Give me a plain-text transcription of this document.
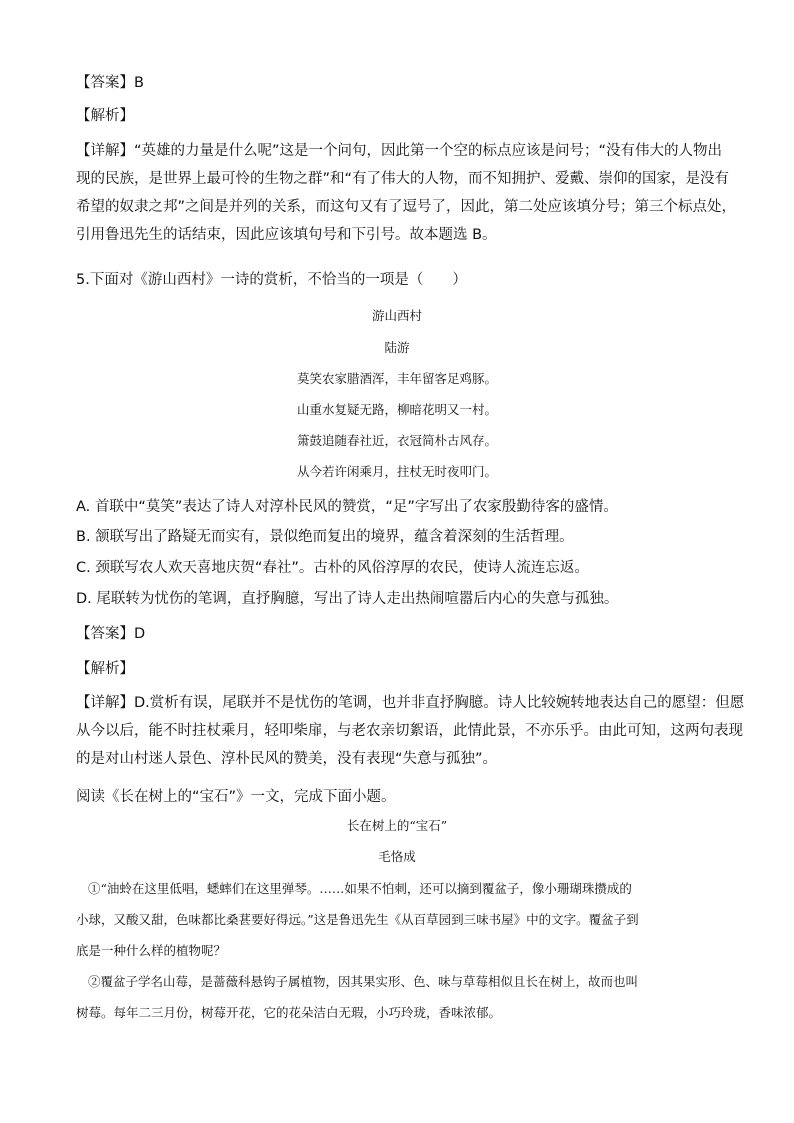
【答案】B
【解析】
【详解】“英雄的力量是什么呢”这是一个问句，因此第一个空的标点应该是问号；“没有伟大的人物出
现的民族，是世界上最可怜的生物之群”和“有了伟大的人物，而不知拥护、爱戴、崇仰的国家，是没有
希望的奴隶之邦”之间是并列的关系，而这句又有了逗号了，因此，第二处应该填分号；第三个标点处，
引用鲁迅先生的话结束，因此应该填句号和下引号。故本题选 B。
5.下面对《游山西村》一诗的赏析，不恰当的一项是（　　）
游山西村
陆游
莫笑农家腊酒浑，丰年留客足鸡豚。
山重水复疑无路，柳暗花明又一村。
箫鼓追随春社近，衣冠简朴古风存。
从今若许闲乘月，拄杖无时夜叩门。
A. 首联中“莫笑”表达了诗人对淳朴民风的赞赏，“足”字写出了农家殷勤待客的盛情。
B. 颔联写出了路疑无而实有，景似绝而复出的境界，蕴含着深刻的生活哲理。
C. 颈联写农人欢天喜地庆贺“春社”。古朴的风俗淳厚的农民，使诗人流连忘返。
D. 尾联转为忧伤的笔调，直抒胸臆，写出了诗人走出热闹喧嚣后内心的失意与孤独。
【答案】D
【解析】
【详解】D.赏析有误，尾联并不是忧伤的笔调，也并非直抒胸臆。诗人比较婉转地表达自己的愿望：但愿
从今以后，能不时拄杖乘月，轻叩柴扉，与老农亲切絮语，此情此景，不亦乐乎。由此可知，这两句表现
的是对山村迷人景色、淳朴民风的赞美，没有表现“失意与孤独”。
阅读《长在树上的“宝石”》一文，完成下面小题。
长在树上的“宝石”
毛恪成
①“油蛉在这里低唱，蟋蟀们在这里弹琴。……如果不怕刺，还可以摘到覆盆子，像小珊瑚珠攒成的
小球，又酸又甜，色味都比桑葚要好得远。”这是鲁迅先生《从百草园到三味书屋》中的文字。覆盆子到
底是一种什么样的植物呢？
②覆盆子学名山莓，是蔷薇科悬钩子属植物，因其果实形、色、味与草莓相似且长在树上，故而也叫
树莓。每年二三月份，树莓开花，它的花朵洁白无瑕，小巧玲珑，香味浓郁。
